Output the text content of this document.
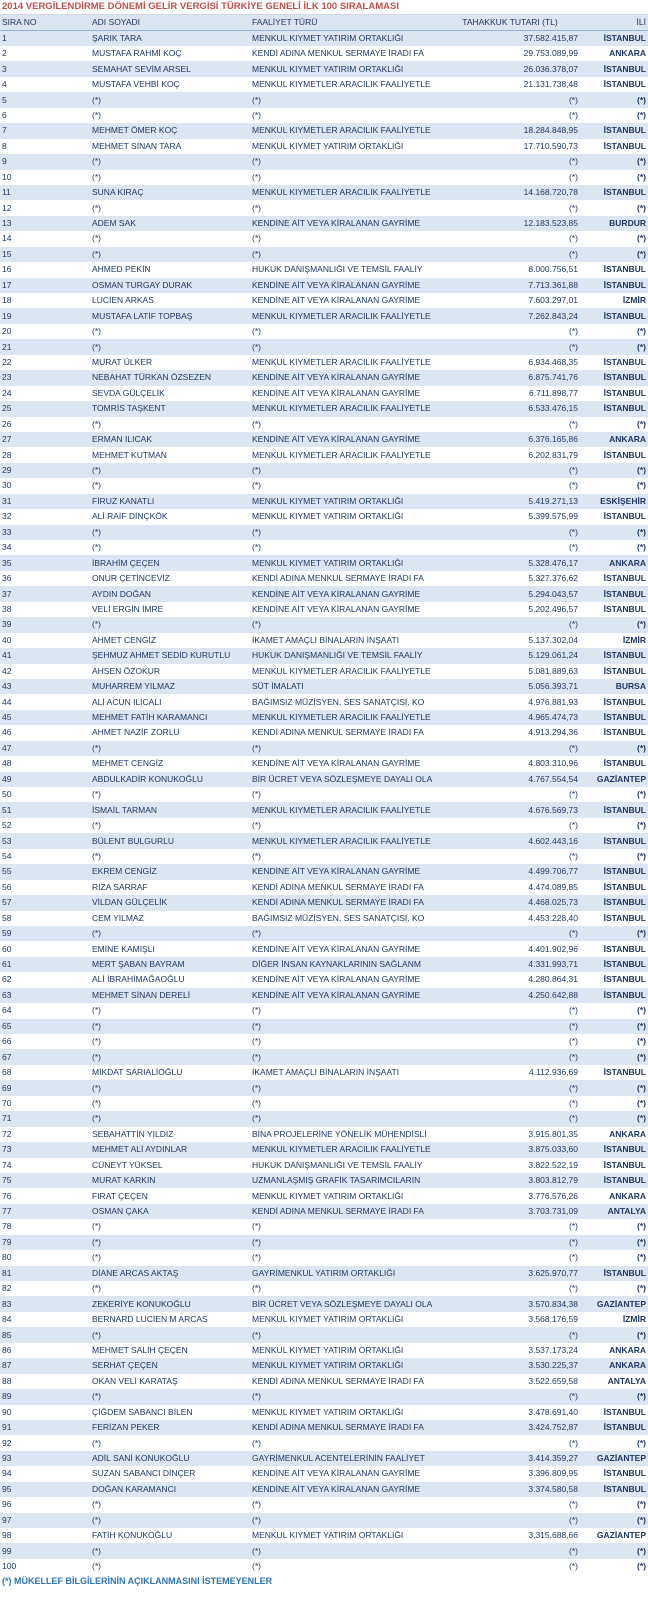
2014 VERGİLENDİRME DÖNEMİ GELİR VERGİSİ TÜRKİYE GENELİ İLK 100 SIRALAMASI
SIRA NO	ADI SOYADI	FAALİYET TÜRÜ	TAHAKKUK TUTARI (TL)	İLİ
1	ŞARIK TARA	MENKUL KIYMET YATIRIM ORTAKLIĞI	37.582.415,87	İSTANBUL
2	MUSTAFA RAHMİ KOÇ	KENDİ ADINA MENKUL SERMAYE İRADI FA	29.753.089,99	ANKARA
3	SEMAHAT SEVİM ARSEL	MENKUL KIYMET YATIRIM ORTAKLIĞI	26.036.378,07	İSTANBUL
4	MUSTAFA VEHBİ KOÇ	MENKUL KIYMETLER ARACILIK FAALİYETLE	21.131.738,48	İSTANBUL
5	(*)	(*)	(*)	(*)
6	(*)	(*)	(*)	(*)
7	MEHMET ÖMER KOÇ	MENKUL KIYMETLER ARACILIK FAALİYETLE	18.284.848,95	İSTANBUL
8	MEHMET SİNAN TARA	MENKUL KIYMET YATIRIM ORTAKLIĞI	17.710.590,73	İSTANBUL
9	(*)	(*)	(*)	(*)
10	(*)	(*)	(*)	(*)
11	SUNA KIRAÇ	MENKUL KIYMETLER ARACILIK FAALİYETLE	14.168.720,78	İSTANBUL
12	(*)	(*)	(*)	(*)
13	ADEM SAK	KENDİNE AİT VEYA KİRALANAN GAYRİME	12.183.523,85	BURDUR
14	(*)	(*)	(*)	(*)
15	(*)	(*)	(*)	(*)
16	AHMED PEKİN	HUKUK DANIŞMANLIĞI VE TEMSİL FAALİY	8.000.756,51	İSTANBUL
17	OSMAN TURGAY DURAK	KENDİNE AİT VEYA KİRALANAN GAYRİME	7.713.361,88	İSTANBUL
18	LUCİEN ARKAS	KENDİNE AİT VEYA KİRALANAN GAYRİME	7.603.297,01	İZMİR
19	MUSTAFA LATİF TOPBAŞ	MENKUL KIYMETLER ARACILIK FAALİYETLE	7.262.843,24	İSTANBUL
20	(*)	(*)	(*)	(*)
21	(*)	(*)	(*)	(*)
22	MURAT ÜLKER	MENKUL KIYMETLER ARACILIK FAALİYETLE	6.934.468,35	İSTANBUL
23	NEBAHAT TÜRKAN ÖZSEZEN	KENDİNE AİT VEYA KİRALANAN GAYRİME	6.875.741,76	İSTANBUL
24	SEVDA GÜLÇELİK	KENDİNE AİT VEYA KİRALANAN GAYRİME	6.711.898,77	İSTANBUL
25	TOMRİS TAŞKENT	MENKUL KIYMETLER ARACILIK FAALİYETLE	6.533.476,15	İSTANBUL
26	(*)	(*)	(*)	(*)
27	ERMAN ILICAK	KENDİNE AİT VEYA KİRALANAN GAYRİME	6.376.165,86	ANKARA
28	MEHMET KUTMAN	MENKUL KIYMETLER ARACILIK FAALİYETLE	6.202.831,79	İSTANBUL
29	(*)	(*)	(*)	(*)
30	(*)	(*)	(*)	(*)
31	FİRUZ KANATLI	MENKUL KIYMET YATIRIM ORTAKLIĞI	5.419.271,13	ESKİŞEHİR
32	ALİ RAİF DİNÇKÖK	MENKUL KIYMET YATIRIM ORTAKLIĞI	5.399.575,99	İSTANBUL
33	(*)	(*)	(*)	(*)
34	(*)	(*)	(*)	(*)
35	İBRAHİM ÇEÇEN	MENKUL KIYMET YATIRIM ORTAKLIĞI	5.328.476,17	ANKARA
36	ONUR ÇETİNCEVİZ	KENDİ ADINA MENKUL SERMAYE İRADI FA	5.327.376,62	İSTANBUL
37	AYDIN DOĞAN	KENDİNE AİT VEYA KİRALANAN GAYRİME	5.294.043,57	İSTANBUL
38	VELİ ERGİN İMRE	KENDİNE AİT VEYA KİRALANAN GAYRİME	5.202.496,57	İSTANBUL
39	(*)	(*)	(*)	(*)
40	AHMET CENGİZ	İKAMET AMAÇLI BİNALARIN İNŞAATI	5.137.302,04	İZMİR
41	ŞEHMUZ AHMET SEDİD KURUTLU	HUKUK DANIŞMANLIĞI VE TEMSİL FAALİY	5.129.061,24	İSTANBUL
42	AHSEN ÖZOKUR	MENKUL KIYMETLER ARACILIK FAALİYETLE	5.081.889,63	İSTANBUL
43	MUHARREM YILMAZ	SÜT İMALATI	5.056.393,71	BURSA
44	ALİ ACUN ILICALI	BAĞIMSIZ MÜZİSYEN, SES SANATÇISI, KO	4.976.881,93	İSTANBUL
45	MEHMET FATİH KARAMANCI	MENKUL KIYMETLER ARACILIK FAALİYETLE	4.965.474,73	İSTANBUL
46	AHMET NAZİF ZORLU	KENDİ ADINA MENKUL SERMAYE İRADI FA	4.913.294,36	İSTANBUL
47	(*)	(*)	(*)	(*)
48	MEHMET CENGİZ	KENDİNE AİT VEYA KİRALANAN GAYRİME	4.803.310,96	İSTANBUL
49	ABDULKADİR KONUKOĞLU	BİR ÜCRET VEYA SÖZLEŞMEYE DAYALI OLA	4.767.554,54	GAZİANTEP
50	(*)	(*)	(*)	(*)
51	İSMAİL TARMAN	MENKUL KIYMETLER ARACILIK FAALİYETLE	4.676.569,73	İSTANBUL
52	(*)	(*)	(*)	(*)
53	BÜLENT BULGURLU	MENKUL KIYMETLER ARACILIK FAALİYETLE	4.602.443,16	İSTANBUL
54	(*)	(*)	(*)	(*)
55	EKREM CENGİZ	KENDİNE AİT VEYA KİRALANAN GAYRİME	4.499.706,77	İSTANBUL
56	RIZA SARRAF	KENDİ ADINA MENKUL SERMAYE İRADI FA	4.474.089,85	İSTANBUL
57	VİLDAN GÜLÇELİK	KENDİ ADINA MENKUL SERMAYE İRADI FA	4.468.025,73	İSTANBUL
58	CEM YILMAZ	BAĞIMSIZ MÜZİSYEN, SES SANATÇISI, KO	4.453.228,40	İSTANBUL
59	(*)	(*)	(*)	(*)
60	EMİNE KAMIŞLI	KENDİNE AİT VEYA KİRALANAN GAYRİME	4.401.902,96	İSTANBUL
61	MERT ŞABAN BAYRAM	DİĞER İNSAN KAYNAKLARININ SAĞLANM	4.331.993,71	İSTANBUL
62	ALİ İBRAHİMAĞAOĞLU	KENDİNE AİT VEYA KİRALANAN GAYRİME	4.280.864,31	İSTANBUL
63	MEHMET SİNAN DERELİ	KENDİNE AİT VEYA KİRALANAN GAYRİME	4.250.642,88	İSTANBUL
64	(*)	(*)	(*)	(*)
65	(*)	(*)	(*)	(*)
66	(*)	(*)	(*)	(*)
67	(*)	(*)	(*)	(*)
68	MİKDAT SARIALİOĞLU	İKAMET AMAÇLI BİNALARIN İNŞAATI	4.112.936,69	İSTANBUL
69	(*)	(*)	(*)	(*)
70	(*)	(*)	(*)	(*)
71	(*)	(*)	(*)	(*)
72	SEBAHATTİN YILDIZ	BİNA PROJELERİNE YÖNELİK MÜHENDİSLİ	3.915.801,35	ANKARA
73	MEHMET ALİ AYDINLAR	MENKUL KIYMETLER ARACILIK FAALİYETLE	3.875.033,60	İSTANBUL
74	CÜNEYT YÜKSEL	HUKUK DANIŞMANLIĞI VE TEMSİL FAALİY	3.822.522,19	İSTANBUL
75	MURAT KARKIN	UZMANLAŞMIŞ GRAFİK TASARIMCILARIN	3.803.812,79	İSTANBUL
76	FIRAT ÇEÇEN	MENKUL KIYMET YATIRIM ORTAKLIĞI	3.776.576,26	ANKARA
77	OSMAN ÇAKA	KENDİ ADINA MENKUL SERMAYE İRADI FA	3.703.731,09	ANTALYA
78	(*)	(*)	(*)	(*)
79	(*)	(*)	(*)	(*)
80	(*)	(*)	(*)	(*)
81	DİANE ARCAS AKTAŞ	GAYRİMENKUL YATIRIM ORTAKLIĞI	3.625.970,77	İSTANBUL
82	(*)	(*)	(*)	(*)
83	ZEKERİYE KONUKOĞLU	BİR ÜCRET VEYA SÖZLEŞMEYE DAYALI OLA	3.570.834,38	GAZİANTEP
84	BERNARD LUCİEN M ARCAS	MENKUL KIYMET YATIRIM ORTAKLIĞI	3.568.176,59	İZMİR
85	(*)	(*)	(*)	(*)
86	MEHMET SALİH ÇEÇEN	MENKUL KIYMET YATIRIM ORTAKLIĞI	3.537.173,24	ANKARA
87	SERHAT ÇEÇEN	MENKUL KIYMET YATIRIM ORTAKLIĞI	3.530.225,37	ANKARA
88	OKAN VELİ KARATAŞ	KENDİ ADINA MENKUL SERMAYE İRADI FA	3.522.659,58	ANTALYA
89	(*)	(*)	(*)	(*)
90	ÇİĞDEM SABANCI BİLEN	MENKUL KIYMET YATIRIM ORTAKLIĞI	3.478.691,40	İSTANBUL
91	FERİZAN PEKER	KENDİ ADINA MENKUL SERMAYE İRADI FA	3.424.752,87	İSTANBUL
92	(*)	(*)	(*)	(*)
93	ADİL SANİ KONUKOĞLU	GAYRİMENKUL ACENTELERİNİN FAALİYET	3.414.359,27	GAZİANTEP
94	SUZAN SABANCI DİNÇER	KENDİNE AİT VEYA KİRALANAN GAYRİME	3.396.809,95	İSTANBUL
95	DOĞAN KARAMANCI	KENDİNE AİT VEYA KİRALANAN GAYRİME	3.374.580,58	İSTANBUL
96	(*)	(*)	(*)	(*)
97	(*)	(*)	(*)	(*)
98	FATİH KONUKOĞLU	MENKUL KIYMET YATIRIM ORTAKLIĞI	3.315.688,66	GAZİANTEP
99	(*)	(*)	(*)	(*)
100	(*)	(*)	(*)	(*)
(*) MÜKELLEF BİLGİLERİNİN AÇIKLANMASINI İSTEMEYENLER
